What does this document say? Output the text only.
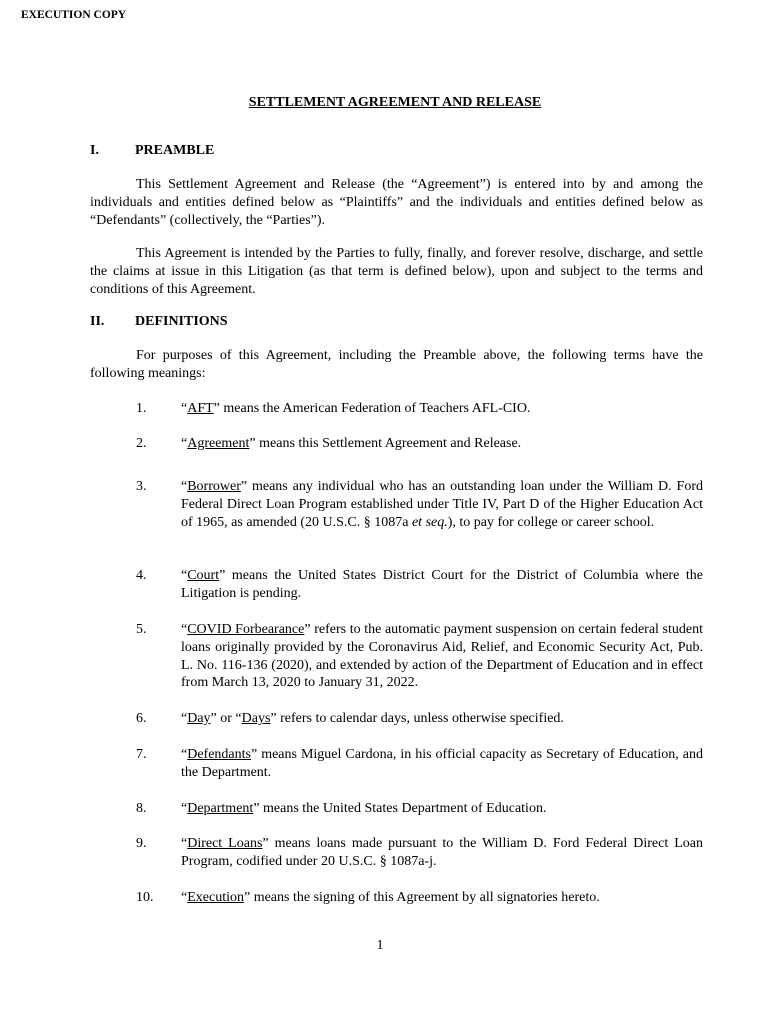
EXECUTION COPY
SETTLEMENT AGREEMENT AND RELEASE
I.	PREAMBLE

This Settlement Agreement and Release (the “Agreement”) is entered into by and among the individuals and entities defined below as “Plaintiffs” and the individuals and entities defined below as “Defendants” (collectively, the “Parties”).

This Agreement is intended by the Parties to fully, finally, and forever resolve, discharge, and settle the claims at issue in this Litigation (as that term is defined below), upon and subject to the terms and conditions of this Agreement.

II. DEFINITIONS

For purposes of this Agreement, including the Preamble above, the following terms have the following meanings:

1. “AFT” means the American Federation of Teachers AFL-CIO.
2. “Agreement” means this Settlement Agreement and Release.
3. “Borrower” means any individual who has an outstanding loan under the William D. Ford Federal Direct Loan Program established under Title IV, Part D of the Higher Education Act of 1965, as amended (20 U.S.C. § 1087a et seq.), to pay for college or career school.
4. “Court” means the United States District Court for the District of Columbia where the Litigation is pending.
5. “COVID Forbearance” refers to the automatic payment suspension on certain federal student loans originally provided by the Coronavirus Aid, Relief, and Economic Security Act, Pub. L. No. 116-136 (2020), and extended by action of the Department of Education and in effect from March 13, 2020 to January 31, 2022.
6. “Day” or “Days” refers to calendar days, unless otherwise specified.
7. “Defendants” means Miguel Cardona, in his official capacity as Secretary of Education, and the Department.
8. “Department” means the United States Department of Education.
9. “Direct Loans” means loans made pursuant to the William D. Ford Federal Direct Loan Program, codified under 20 U.S.C. § 1087a-j.
10. “Execution” means the signing of this Agreement by all signatories hereto.
1
